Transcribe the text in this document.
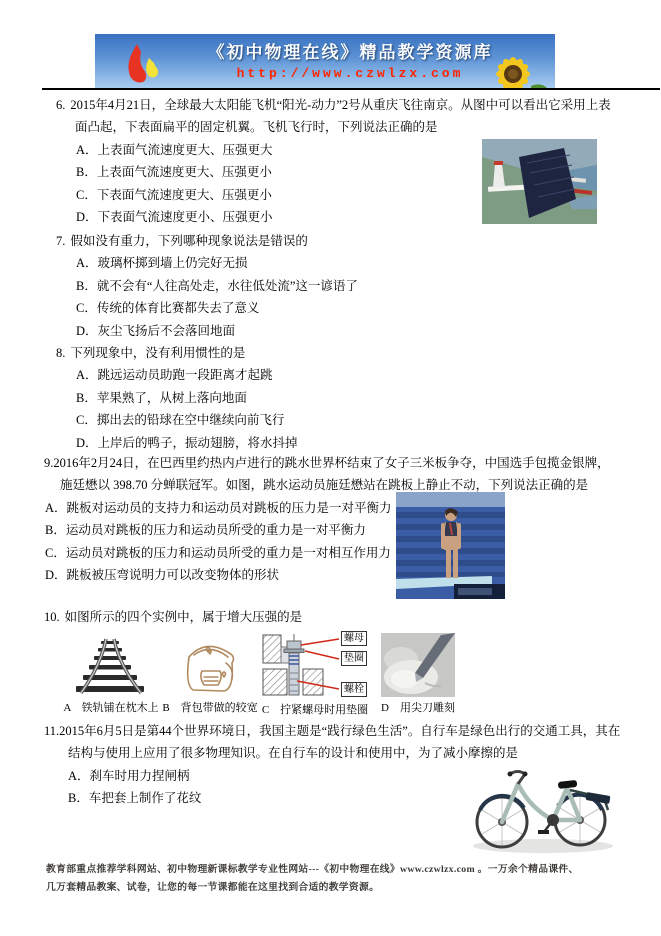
《初中物理在线》精品教学资源库
http://www.czwlzx.com
6. 2015年4月21日，全球最大太阳能飞机“阳光-动力”2号从重庆飞往南京。从图中可以看出它采用上表面凸起，下表面扁平的固定机翼。飞机飞行时，下列说法正确的是
A．上表面气流速度更大、压强更大
B．上表面气流速度更大、压强更小
C．下表面气流速度更大、压强更小
D．下表面气流速度更小、压强更小
7. 假如没有重力，下列哪种现象说法是错误的
A．玻璃杯掷到墙上仍完好无损
B．就不会有“人往高处走，水往低处流”这一谚语了
C．传统的体育比赛都失去了意义
D．灰尘飞扬后不会落回地面
8. 下列现象中，没有利用惯性的是
A．跳远运动员助跑一段距离才起跳
B．苹果熟了，从树上落向地面
C．掷出去的铅球在空中继续向前飞行
D．上岸后的鸭子，振动翅膀，将水抖掉
9.2016年2月24日，在巴西里约热内卢进行的跳水世界杯结束了女子三米板争夺，中国选手包揽金银牌，施廷懋以 398.70 分蝉联冠军。如图，跳水运动员施廷懋站在跳板上静止不动，下列说法正确的是
A．跳板对运动员的支持力和运动员对跳板的压力是一对平衡力
B．运动员对跳板的压力和运动员所受的重力是一对平衡力
C．运动员对跳板的压力和运动员所受的重力是一对相互作用力
D．跳板被压弯说明力可以改变物体的形状
10. 如图所示的四个实例中，属于增大压强的是
A　铁轨铺在枕木上 B　背包带做的较宽
螺母
垫圈
螺栓
C　拧紧螺母时用垫圈 D　用尖刀雕刻
11.2015年6月5日是第44个世界环境日，我国主题是“践行绿色生活”。自行车是绿色出行的交通工具，其在结构与使用上应用了很多物理知识。在自行车的设计和使用中，为了减小摩擦的是
A．刹车时用力捏闸柄
B．车把套上制作了花纹
教育部重点推荐学科网站、初中物理新课标教学专业性网站---《初中物理在线》www.czwlzx.com 。一万余个精品课件、
几万套精品教案、试卷，让您的每一节课都能在这里找到合适的教学资源。
